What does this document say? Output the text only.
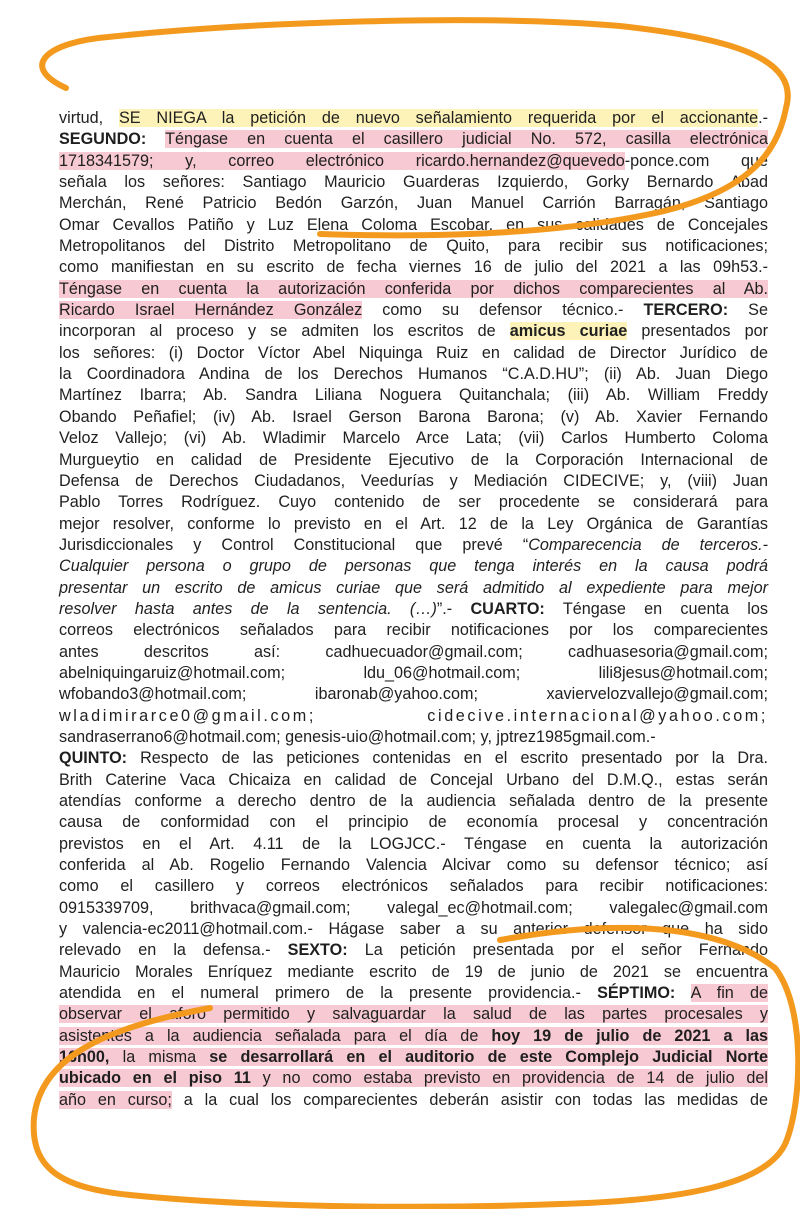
virtud, SE NIEGA la petición de nuevo señalamiento requerida por el accionante.-
SEGUNDO: Téngase en cuenta el casillero judicial No. 572, casilla electrónica
1718341579; y, correo electrónico ricardo.hernandez@quevedo-ponce.com que
señala los señores: Santiago Mauricio Guarderas Izquierdo, Gorky Bernardo Abad
Merchán, René Patricio Bedón Garzón, Juan Manuel Carrión Barragán, Santiago
Omar Cevallos Patiño y Luz Elena Coloma Escobar, en sus calidades de Concejales
Metropolitanos del Distrito Metropolitano de Quito, para recibir sus notificaciones;
como manifiestan en su escrito de fecha viernes 16 de julio del 2021 a las 09h53.-
Téngase en cuenta la autorización conferida por dichos comparecientes al Ab.
Ricardo Israel Hernández González como su defensor técnico.- TERCERO: Se
incorporan al proceso y se admiten los escritos de amicus curiae presentados por
los señores: (i) Doctor Víctor Abel Niquinga Ruiz en calidad de Director Jurídico de
la Coordinadora Andina de los Derechos Humanos “C.A.D.HU”; (ii) Ab. Juan Diego
Martínez Ibarra; Ab. Sandra Liliana Noguera Quitanchala; (iii) Ab. William Freddy
Obando Peñafiel; (iv) Ab. Israel Gerson Barona Barona; (v) Ab. Xavier Fernando
Veloz Vallejo; (vi) Ab. Wladimir Marcelo Arce Lata; (vii) Carlos Humberto Coloma
Murgueytio en calidad de Presidente Ejecutivo de la Corporación Internacional de
Defensa de Derechos Ciudadanos, Veedurías y Mediación CIDECIVE; y, (viii) Juan
Pablo Torres Rodríguez. Cuyo contenido de ser procedente se considerará para
mejor resolver, conforme lo previsto en el Art. 12 de la Ley Orgánica de Garantías
Jurisdiccionales y Control Constitucional que prevé “Comparecencia de terceros.-
Cualquier persona o grupo de personas que tenga interés en la causa podrá
presentar un escrito de amicus curiae que será admitido al expediente para mejor
resolver hasta antes de la sentencia. (…)”.- CUARTO: Téngase en cuenta los
correos electrónicos señalados para recibir notificaciones por los comparecientes
antes descritos así: cadhuecuador@gmail.com; cadhuasesoria@gmail.com;
abelniquingaruiz@hotmail.com; ldu_06@hotmail.com; lili8jesus@hotmail.com;
wfobando3@hotmail.com; ibaronab@yahoo.com; xaviervelozvallejo@gmail.com;
wladimirarce0@gmail.com; cidecive.internacional@yahoo.com;
sandraserrano6@hotmail.com; genesis-uio@hotmail.com; y, jptrez1985gmail.com.-
QUINTO: Respecto de las peticiones contenidas en el escrito presentado por la Dra.
Brith Caterine Vaca Chicaiza en calidad de Concejal Urbano del D.M.Q., estas serán
atendías conforme a derecho dentro de la audiencia señalada dentro de la presente
causa de conformidad con el principio de economía procesal y concentración
previstos en el Art. 4.11 de la LOGJCC.- Téngase en cuenta la autorización
conferida al Ab. Rogelio Fernando Valencia Alcivar como su defensor técnico; así
como el casillero y correos electrónicos señalados para recibir notificaciones:
0915339709, brithvaca@gmail.com; valegal_ec@hotmail.com; valegalec@gmail.com
y valencia-ec2011@hotmail.com.- Hágase saber a su anterior defensor que ha sido
relevado en la defensa.- SEXTO: La petición presentada por el señor Fernando
Mauricio Morales Enríquez mediante escrito de 19 de junio de 2021 se encuentra
atendida en el numeral primero de la presente providencia.- SÉPTIMO: A fin de
observar el aforo permitido y salvaguardar la salud de las partes procesales y
asistentes a la audiencia señalada para el día de hoy 19 de julio de 2021 a las
16h00, la misma se desarrollará en el auditorio de este Complejo Judicial Norte
ubicado en el piso 11 y no como estaba previsto en providencia de 14 de julio del
año en curso; a la cual los comparecientes deberán asistir con todas las medidas de
